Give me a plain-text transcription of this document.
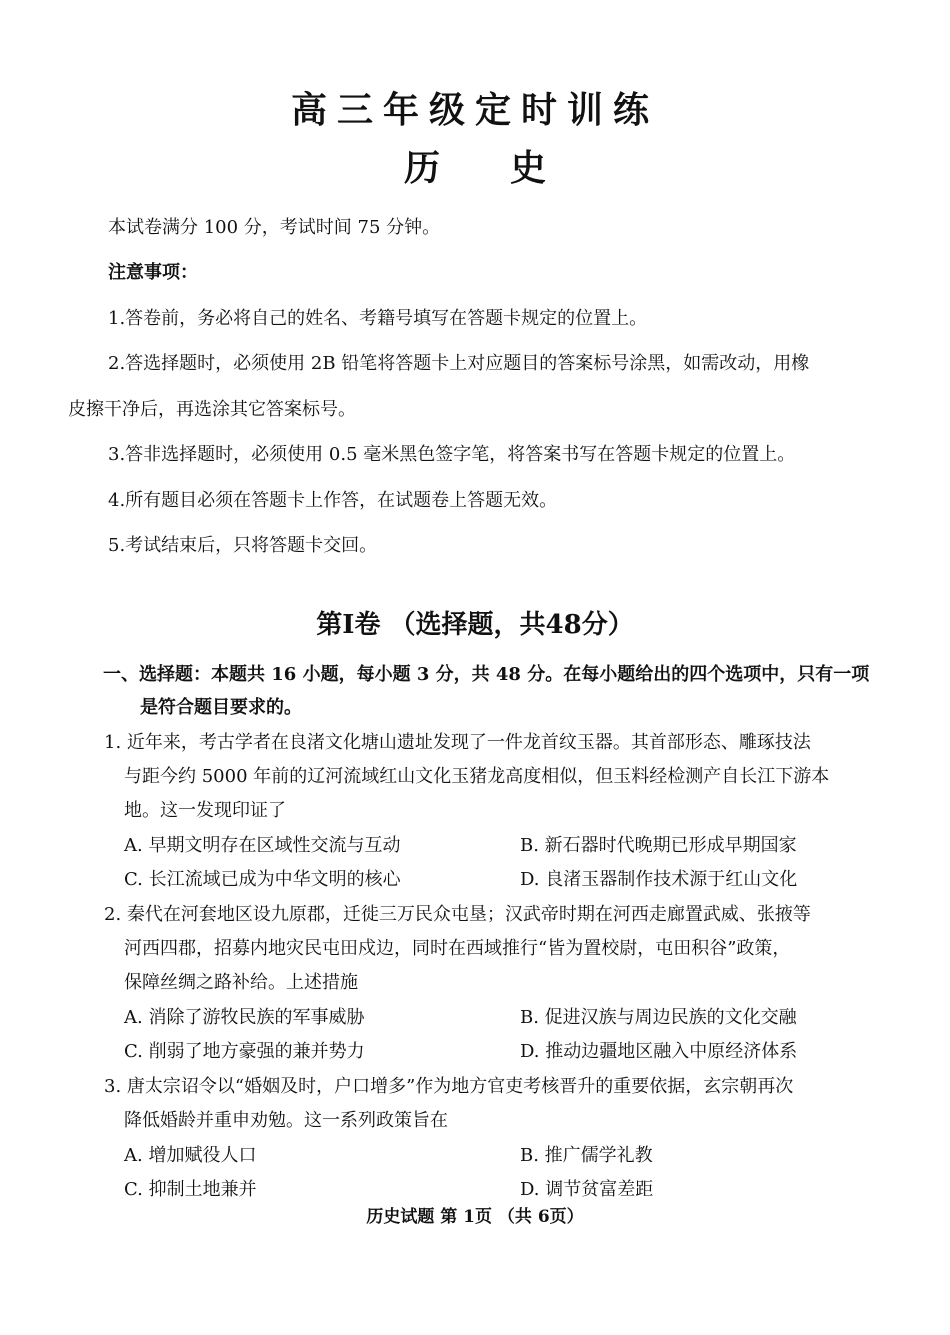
高三年级定时训练
历史
本试卷满分 100 分，考试时间 75 分钟。
注意事项：
1.答卷前，务必将自己的姓名、考籍号填写在答题卡规定的位置上。
2.答选择题时，必须使用 2B 铅笔将答题卡上对应题目的答案标号涂黑，如需改动，用橡
皮擦干净后，再选涂其它答案标号。
3.答非选择题时，必须使用 0.5 毫米黑色签字笔，将答案书写在答题卡规定的位置上。
4.所有题目必须在答题卡上作答，在试题卷上答题无效。
5.考试结束后，只将答题卡交回。
第Ⅰ卷 （选择题，共48分）
一、选择题：本题共 16 小题，每小题 3 分，共 48 分。在每小题给出的四个选项中，只有一项
是符合题目要求的。
1. 近年来，考古学者在良渚文化塘山遗址发现了一件龙首纹玉器。其首部形态、雕琢技法
与距今约 5000 年前的辽河流域红山文化玉猪龙高度相似，但玉料经检测产自长江下游本
地。这一发现印证了
A. 早期文明存在区域性交流与互动	B. 新石器时代晚期已形成早期国家
C. 长江流域已成为中华文明的核心	D. 良渚玉器制作技术源于红山文化
2. 秦代在河套地区设九原郡，迁徙三万民众屯垦；汉武帝时期在河西走廊置武威、张掖等
河西四郡，招募内地灾民屯田戍边，同时在西域推行“皆为置校尉，屯田积谷”政策，
保障丝绸之路补给。上述措施
A. 消除了游牧民族的军事威胁	B. 促进汉族与周边民族的文化交融
C. 削弱了地方豪强的兼并势力	D. 推动边疆地区融入中原经济体系
3. 唐太宗诏令以“婚姻及时，户口增多”作为地方官吏考核晋升的重要依据，玄宗朝再次
降低婚龄并重申劝勉。这一系列政策旨在
A. 增加赋役人口	B. 推广儒学礼教
C. 抑制土地兼并	D. 调节贫富差距
历史试题 第 1页 （共 6页）
